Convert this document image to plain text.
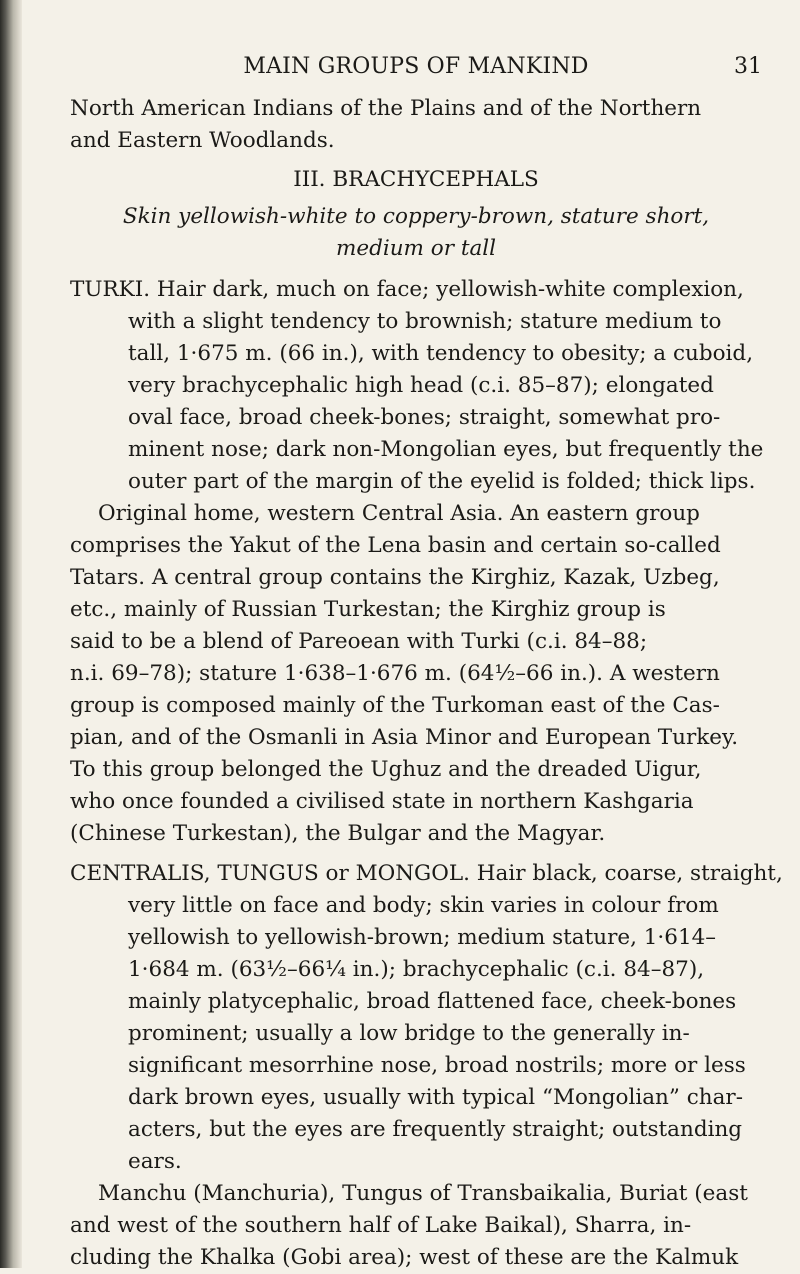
MAIN GROUPS OF MANKIND	31
North American Indians of the Plains and of the Northern
and Eastern Woodlands.
III. BRACHYCEPHALS
Skin yellowish-white to coppery-brown, stature short,
medium or tall
TURKI. Hair dark, much on face; yellowish-white complexion,
with a slight tendency to brownish; stature medium to
tall, 1·675 m. (66 in.), with tendency to obesity; a cuboid,
very brachycephalic high head (c.i. 85–87); elongated
oval face, broad cheek-bones; straight, somewhat pro-
minent nose; dark non-Mongolian eyes, but frequently the
outer part of the margin of the eyelid is folded; thick lips.
Original home, western Central Asia. An eastern group
comprises the Yakut of the Lena basin and certain so-called
Tatars. A central group contains the Kirghiz, Kazak, Uzbeg,
etc., mainly of Russian Turkestan; the Kirghiz group is
said to be a blend of Pareoean with Turki (c.i. 84–88;
n.i. 69–78); stature 1·638–1·676 m. (64½–66 in.). A western
group is composed mainly of the Turkoman east of the Cas-
pian, and of the Osmanli in Asia Minor and European Turkey.
To this group belonged the Ughuz and the dreaded Uigur,
who once founded a civilised state in northern Kashgaria
(Chinese Turkestan), the Bulgar and the Magyar.
CENTRALIS, TUNGUS or MONGOL. Hair black, coarse, straight,
very little on face and body; skin varies in colour from
yellowish to yellowish-brown; medium stature, 1·614–
1·684 m. (63½–66¼ in.); brachycephalic (c.i. 84–87),
mainly platycephalic, broad flattened face, cheek-bones
prominent; usually a low bridge to the generally in-
significant mesorrhine nose, broad nostrils; more or less
dark brown eyes, usually with typical “Mongolian” char-
acters, but the eyes are frequently straight; outstanding
ears.
Manchu (Manchuria), Tungus of Transbaikalia, Buriat (east
and west of the southern half of Lake Baikal), Sharra, in-
cluding the Khalka (Gobi area); west of these are the Kalmuk
